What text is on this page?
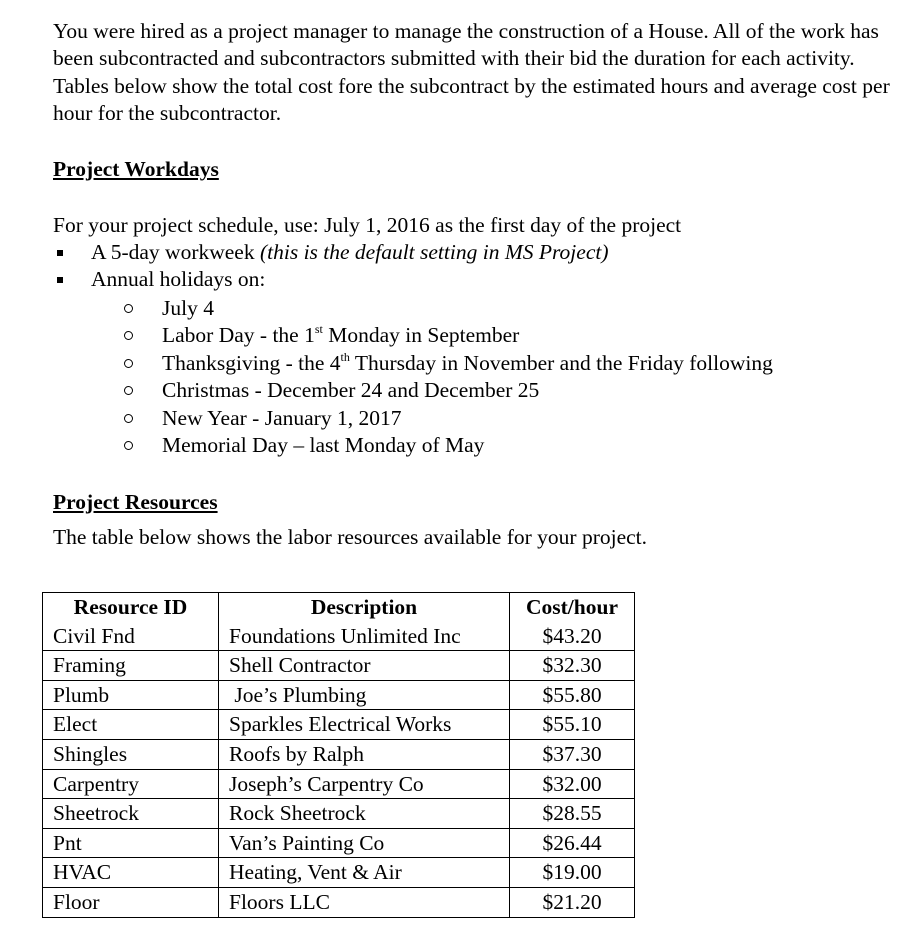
You were hired as a project manager to manage the construction of a House. All of the work has been subcontracted and subcontractors submitted with their bid the duration for each activity. Tables below show the total cost fore the subcontract by the estimated hours and average cost per hour for the subcontractor.

Project Workdays

For your project schedule, use: July 1, 2016 as the first day of the project

A 5-day workweek (this is the default setting in MS Project)
Annual holidays on:
July 4
Labor Day - the 1st Monday in September
Thanksgiving - the 4th Thursday in November and the Friday following
Christmas - December 24 and December 25
New Year - January 1, 2017
Memorial Day – last Monday of May
Project Resources

The table below shows the labor resources available for your project.

Resource ID	Description	Cost/hour
Civil Fnd	Foundations Unlimited Inc	$43.20
Framing	Shell Contractor	$32.30
Plumb	Joe’s Plumbing	$55.80
Elect	Sparkles Electrical Works	$55.10
Shingles	Roofs by Ralph	$37.30
Carpentry	Joseph’s Carpentry Co	$32.00
Sheetrock	Rock Sheetrock	$28.55
Pnt	Van’s Painting Co	$26.44
HVAC	Heating, Vent & Air	$19.00
Floor	Floors LLC	$21.20
